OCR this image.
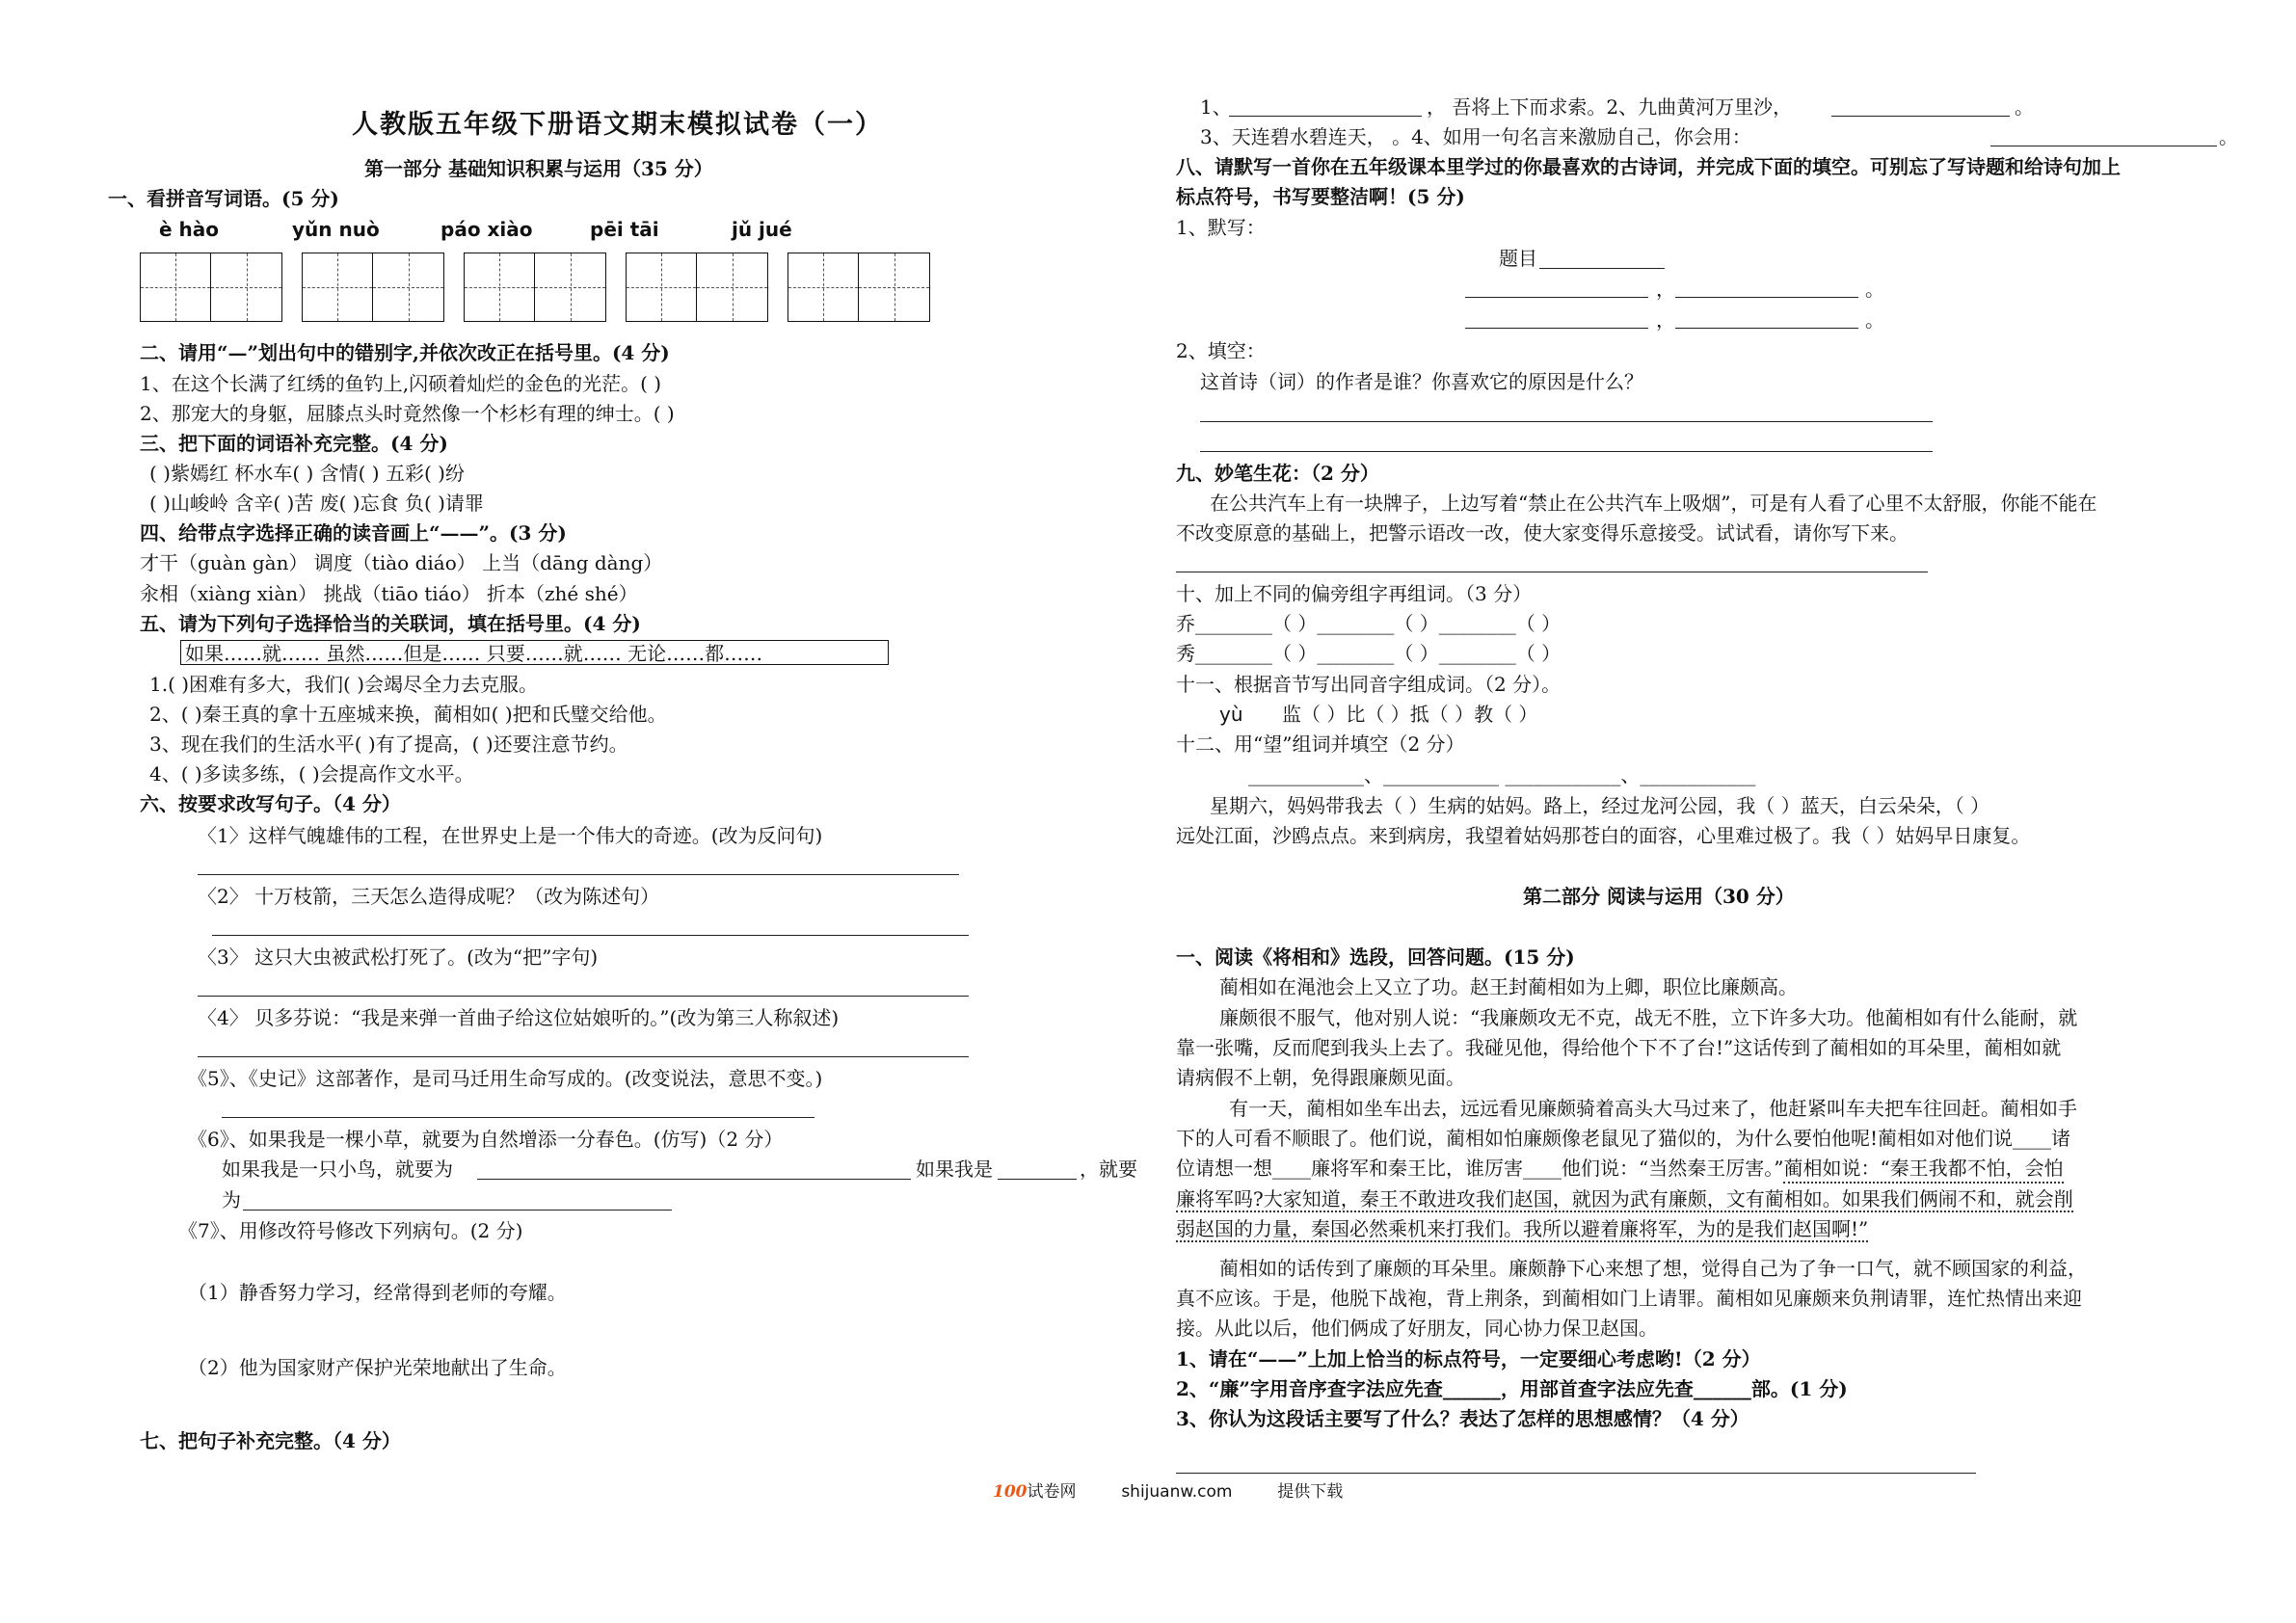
人教版五年级下册语文期末模拟试卷（一）
第一部分 基础知识积累与运用（35 分）
一、看拼音写词语。(5 分)
è hào	yǔn nuò	páo xiào	pēi tāi	jǔ jué
二、请用“—”划出句中的错别字,并依次改正在括号里。(4 分)
1、在这个长满了红绣的鱼钓上,闪硕着灿烂的金色的光茫。( )
2、那宠大的身躯，屈膝点头时竟然像一个杉杉有理的绅士。( )
三、把下面的词语补充完整。(4 分)
( )紫嫣红 杯水车( ) 含情( ) 五彩( )纷
( )山峻岭 含辛( )苦 废( )忘食 负( )请罪
四、给带点字选择正确的读音画上“——”。(3 分)
才干（guàn gàn） 调度（tiào diáo） 上当（dāng dàng）
汆相（xiàng xiàn） 挑战（tiāo tiáo） 折本（zhé shé）
五、请为下列句子选择恰当的关联词，填在括号里。(4 分)
如果……就…… 虽然……但是…… 只要……就…… 无论……都……
1.( )困难有多大，我们( )会竭尽全力去克服。
2、( )秦王真的拿十五座城来换，蔺相如( )把和氏璧交给他。
3、现在我们的生活水平( )有了提高，( )还要注意节约。
4、( )多读多练，( )会提高作文水平。
六、按要求改写句子。（4 分）
〈1〉这样气魄雄伟的工程，在世界史上是一个伟大的奇迹。(改为反问句)
〈2〉 十万枝箭，三天怎么造得成呢？（改为陈述句）
〈3〉 这只大虫被武松打死了。(改为“把”字句)
〈4〉 贝多芬说：“我是来弹一首曲子给这位姑娘听的。”(改为第三人称叙述)
《5》、《史记》这部著作，是司马迁用生命写成的。(改变说法，意思不变。)
《6》、如果我是一棵小草，就要为自然增添一分春色。(仿写)（2 分）
如果我是一只小鸟，就要为	如果我是	，就要
为
《7》、用修改符号修改下列病句。(2 分)
（1）静香努力学习，经常得到老师的夸耀。
（2）他为国家财产保护光荣地献出了生命。
七、把句子补充完整。（4 分）
1、	， 吾将上下而求索。2、九曲黄河万里沙，	。
3、天连碧水碧连天， 。4、如用一句名言来激励自己，你会用：	。
八、请默写一首你在五年级课本里学过的你最喜欢的古诗词，并完成下面的填空。可别忘了写诗题和给诗句加上
标点符号，书写要整洁啊！(5 分)
1、默写：
题目
，	。
，	。
2、填空：
这首诗（词）的作者是谁？你喜欢它的原因是什么？
九、妙笔生花：（2 分）
在公共汽车上有一块牌子，上边写着“禁止在公共汽车上吸烟”，可是有人看了心里不太舒服，你能不能在
不改变原意的基础上，把警示语改一改，使大家变得乐意接受。试试看，请你写下来。
十、加上不同的偏旁组字再组词。（3 分）
乔________（ ）________（ ）________（ ）
秀________（ ）________（ ）________（ ）
十一、根据音节写出同音字组成词。（2 分）。
yù 监（ ）比（ ）抵（ ）教（ ）
十二、用“望”组词并填空（2 分）
____________、____________ ____________、____________
星期六，妈妈带我去（ ）生病的姑妈。路上，经过龙河公园，我（ ）蓝天，白云朵朵，（ ）
远处江面，沙鸥点点。来到病房，我望着姑妈那苍白的面容，心里难过极了。我（ ）姑妈早日康复。
第二部分 阅读与运用（30 分）
一、阅读《将相和》选段，回答问题。(15 分)
蔺相如在渑池会上又立了功。赵王封蔺相如为上卿，职位比廉颇高。
廉颇很不服气，他对别人说：“我廉颇攻无不克，战无不胜，立下许多大功。他蔺相如有什么能耐，就
靠一张嘴，反而爬到我头上去了。我碰见他，得给他个下不了台!”这话传到了蔺相如的耳朵里，蔺相如就
请病假不上朝，免得跟廉颇见面。
有一天，蔺相如坐车出去，远远看见廉颇骑着高头大马过来了，他赶紧叫车夫把车往回赶。蔺相如手
下的人可看不顺眼了。他们说，蔺相如怕廉颇像老鼠见了猫似的，为什么要怕他呢!蔺相如对他们说____诸
位请想一想____廉将军和秦王比，谁厉害____他们说：“当然秦王厉害。”蔺相如说：“秦王我都不怕，会怕
廉将军吗?大家知道，秦王不敢进攻我们赵国，就因为武有廉颇，文有蔺相如。如果我们俩闹不和，就会削
弱赵国的力量，秦国必然乘机来打我们。我所以避着廉将军，为的是我们赵国啊!”
蔺相如的话传到了廉颇的耳朵里。廉颇静下心来想了想，觉得自己为了争一口气，就不顾国家的利益，
真不应该。于是，他脱下战袍，背上荆条，到蔺相如门上请罪。蔺相如见廉颇来负荆请罪，连忙热情出来迎
接。从此以后，他们俩成了好朋友，同心协力保卫赵国。
1、请在“——”上加上恰当的标点符号，一定要细心考虑哟!（2 分）
2、“廉”字用音序查字法应先查______，用部首查字法应先查______部。(1 分)
3、你认为这段话主要写了什么？表达了怎样的思想感情？（4 分）
100试卷网	shijuanw.com	提供下载
